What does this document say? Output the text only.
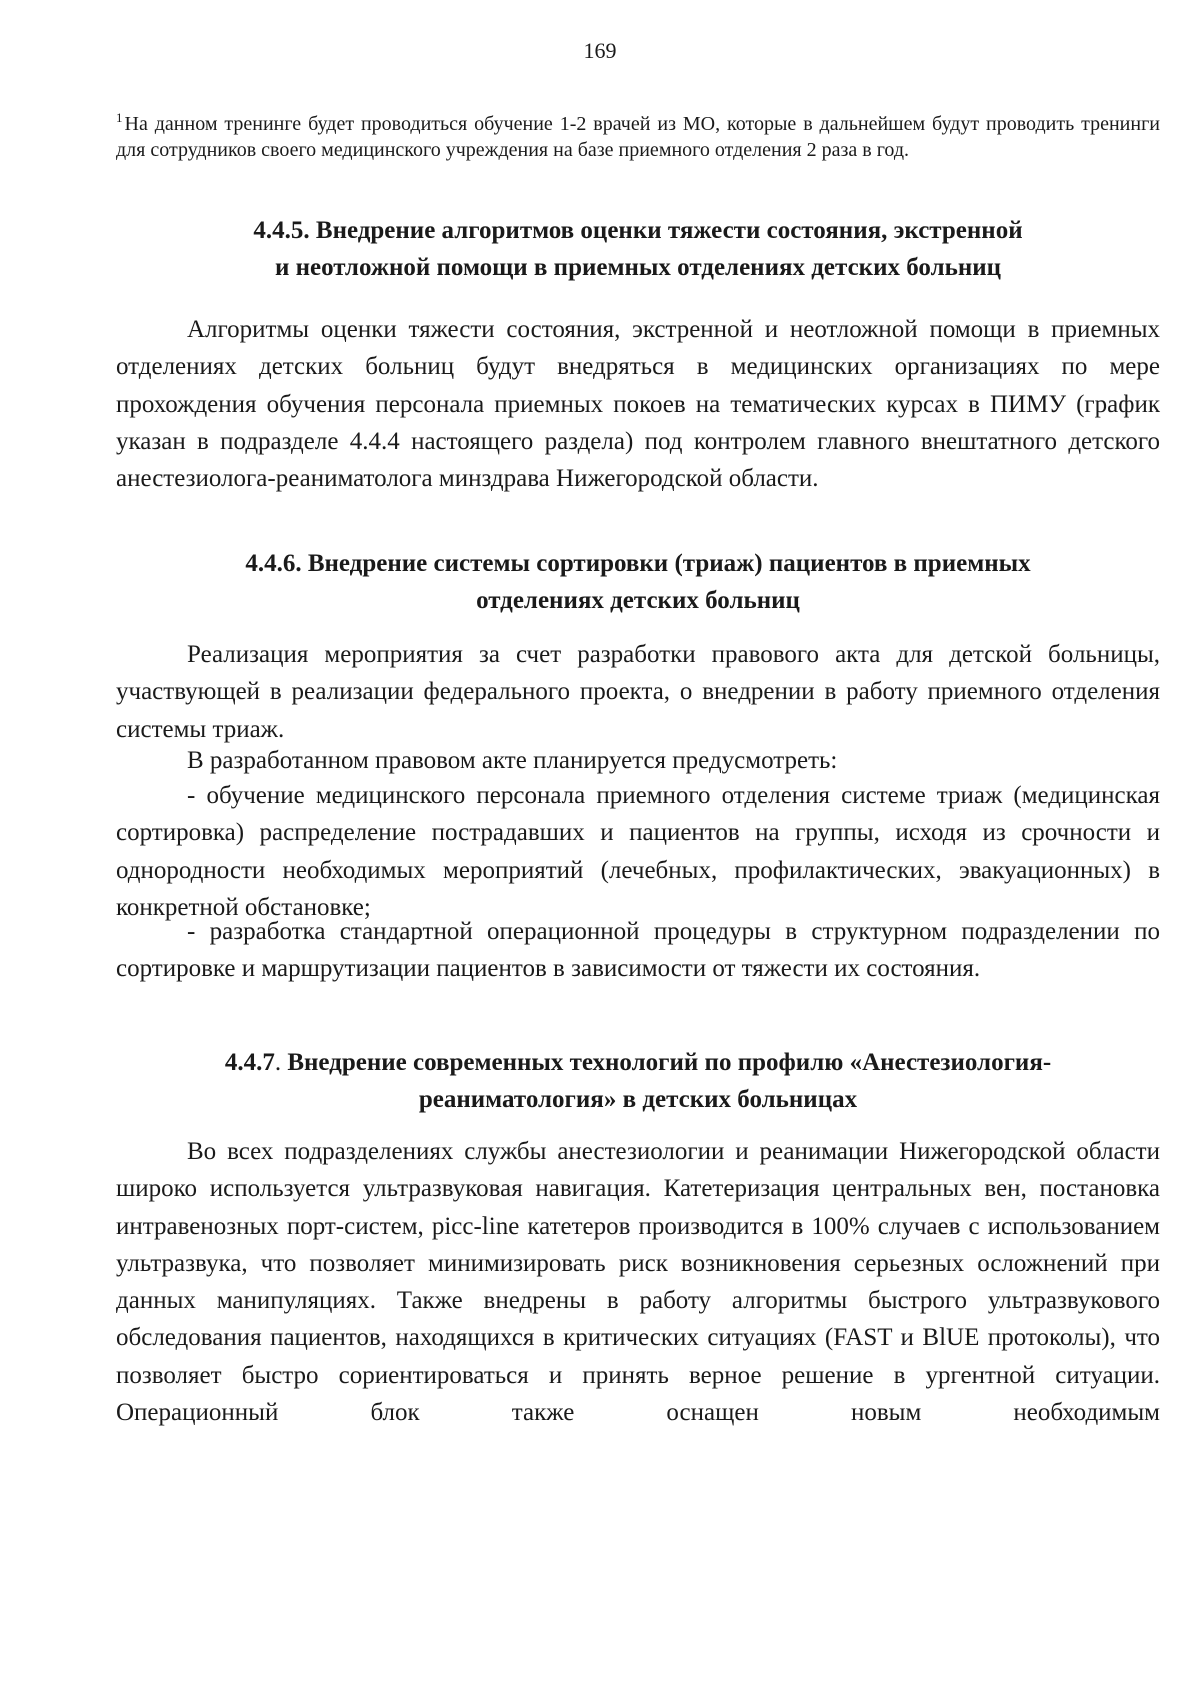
169
$^1$ На данном тренинге будет проводиться обучение 1-2 врачей из МО, которые в дальнейшем будут проводить тренинги для сотрудников своего медицинского учреждения на базе приемного отделения 2 раза в год.
4.4.5. Внедрение алгоритмов оценки тяжести состояния, экстренной
и неотложной помощи в приемных отделениях детских больниц
Алгоритмы оценки тяжести состояния, экстренной и неотложной помощи в приемных отделениях детских больниц будут внедряться в медицинских организациях по мере прохождения обучения персонала приемных покоев на тематических курсах в ПИМУ (график указан в подразделе 4.4.4 настоящего раздела) под контролем главного внештатного детского анестезиолога-реаниматолога минздрава Нижегородской области.
4.4.6. Внедрение системы сортировки (триаж) пациентов в приемных
отделениях детских больниц
Реализация мероприятия за счет разработки правового акта для детской больницы, участвующей в реализации федерального проекта, о внедрении в работу приемного отделения системы триаж.
В разработанном правовом акте планируется предусмотреть:
- обучение медицинского персонала приемного отделения системе триаж (медицинская сортировка) распределение пострадавших и пациентов на группы, исходя из срочности и однородности необходимых мероприятий (лечебных, профилактических, эвакуационных) в конкретной обстановке;
- разработка стандартной операционной процедуры в структурном подразделении по сортировке и маршрутизации пациентов в зависимости от тяжести их состояния.
4.4.7. Внедрение современных технологий по профилю «Анестезиология-
реаниматология» в детских больницах
Во всех подразделениях службы анестезиологии и реанимации Нижегородской области широко используется ультразвуковая навигация. Катетеризация центральных вен, постановка интравенозных порт-систем, picc-line катетеров производится в 100% случаев с использованием ультразвука, что позволяет минимизировать риск возникновения серьезных осложнений при данных манипуляциях. Также внедрены в работу алгоритмы быстрого ультразвукового обследования пациентов, находящихся в критических ситуациях (FAST и BlUE протоколы), что позволяет быстро сориентироваться и принять верное решение в ургентной ситуации. Операционный блок также оснащен новым необходимым
